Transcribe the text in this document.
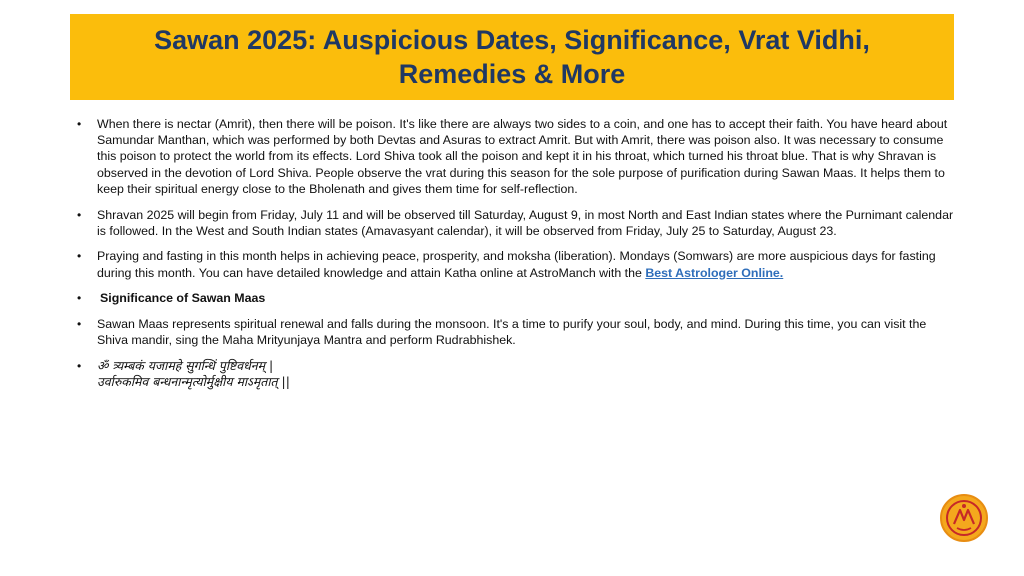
Sawan 2025: Auspicious Dates, Significance, Vrat Vidhi, Remedies & More
• When there is nectar (Amrit), then there will be poison. It's like there are always two sides to a coin, and one has to accept their faith. You have heard about Samundar Manthan, which was performed by both Devtas and Asuras to extract Amrit. But with Amrit, there was poison also. It was necessary to consume this poison to protect the world from its effects. Lord Shiva took all the poison and kept it in his throat, which turned his throat blue. That is why Shravan is observed in the devotion of Lord Shiva. People observe the vrat during this season for the sole purpose of purification during Sawan Maas. It helps them to keep their spiritual energy close to the Bholenath and gives them time for self-reflection.
• Shravan 2025 will begin from Friday, July 11 and will be observed till Saturday, August 9, in most North and East Indian states where the Purnimant calendar is followed. In the West and South Indian states (Amavasyant calendar), it will be observed from Friday, July 25 to Saturday, August 23.
• Praying and fasting in this month helps in achieving peace, prosperity, and moksha (liberation). Mondays (Somwars) are more auspicious days for fasting during this month. You can have detailed knowledge and attain Katha online at AstroManch with the Best Astrologer Online.
• Significance of Sawan Maas
• Sawan Maas represents spiritual renewal and falls during the monsoon. It's a time to purify your soul, body, and mind. During this time, you can visit the Shiva mandir, sing the Maha Mrityunjaya Mantra and perform Rudrabhishek.
• ॐ त्र्यम्बकं यजामहे सुगन्धिं पुष्टिवर्धनम् |
उर्वारुकमिव बन्धनान्मृत्योर्मुक्षीय माऽमृतात् ||
